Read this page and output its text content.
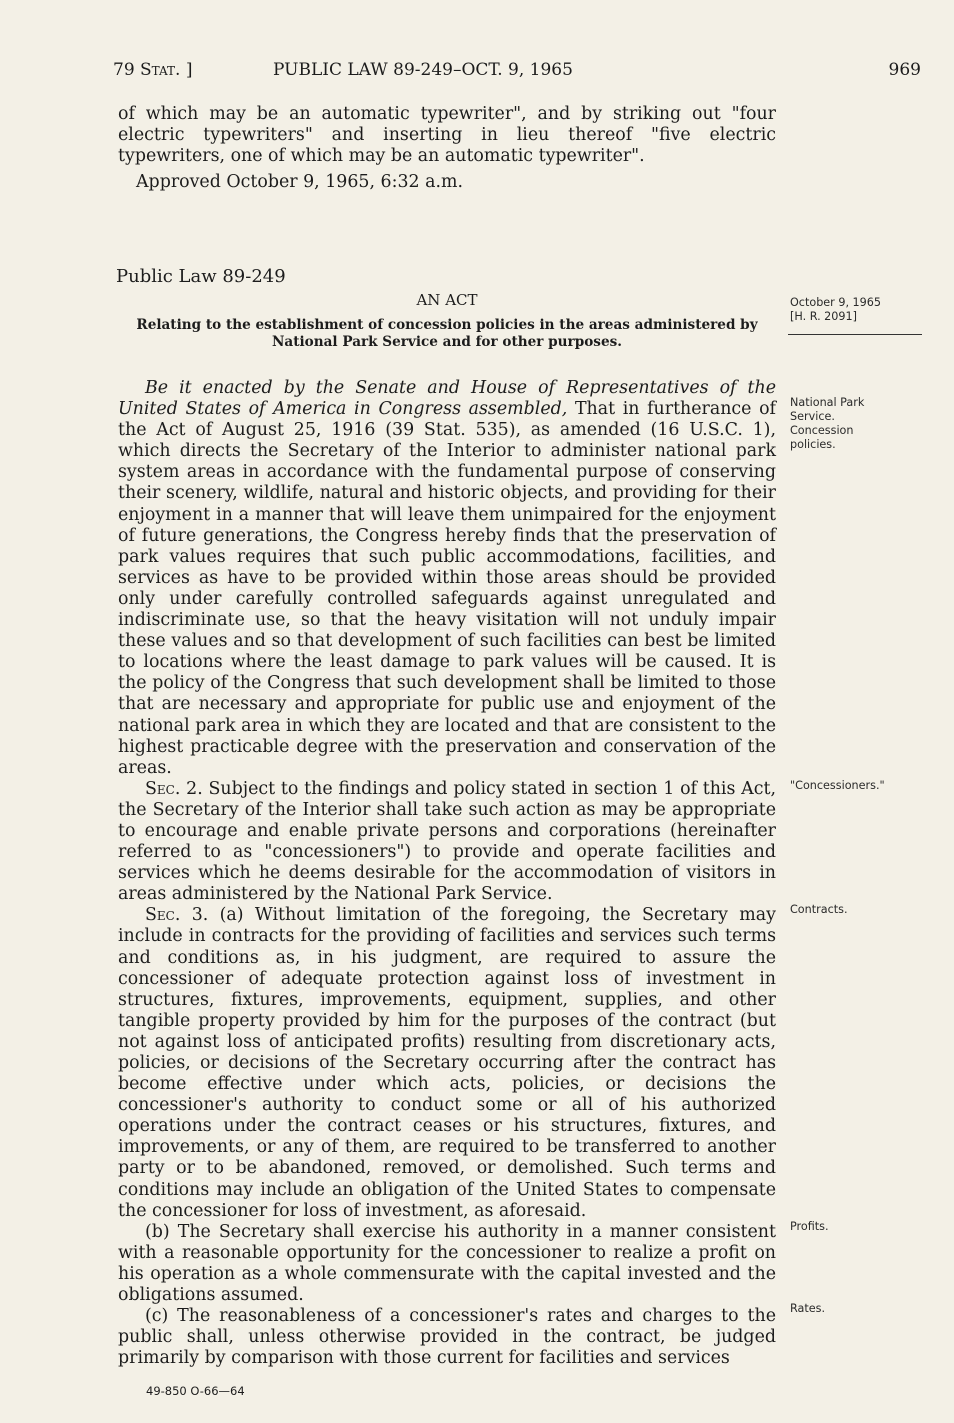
79 Stat. ]	PUBLIC LAW 89-249–OCT. 9, 1965	969

of which may be an automatic typewriter", and by striking out "four electric typewriters" and inserting in lieu thereof "five electric typewriters, one of which may be an automatic typewriter".

Approved October 9, 1965, 6:32 a.m.
Public Law 89-249
AN ACT
Relating to the establishment of concession policies in the areas administered by National Park Service and for other purposes.
October 9, 1965
[H. R. 2091]

Be it enacted by the Senate and House of Representatives of the United States of America in Congress assembled, That in furtherance of the Act of August 25, 1916 (39 Stat. 535), as amended (16 U.S.C. 1), which directs the Secretary of the Interior to administer national park system areas in accordance with the fundamental purpose of conserving their scenery, wildlife, natural and historic objects, and providing for their enjoyment in a manner that will leave them unimpaired for the enjoyment of future generations, the Congress hereby finds that the preservation of park values requires that such public accommodations, facilities, and services as have to be provided within those areas should be provided only under carefully controlled safeguards against unregulated and indiscriminate use, so that the heavy visitation will not unduly impair these values and so that development of such facilities can best be limited to locations where the least damage to park values will be caused. It is the policy of the Congress that such development shall be limited to those that are necessary and appropriate for public use and enjoyment of the national park area in which they are located and that are consistent to the highest practicable degree with the preservation and conservation of the areas.

Sec. 2. Subject to the findings and policy stated in section 1 of this Act, the Secretary of the Interior shall take such action as may be appropriate to encourage and enable private persons and corporations (hereinafter referred to as "concessioners") to provide and operate facilities and services which he deems desirable for the accommodation of visitors in areas administered by the National Park Service.

Sec. 3. (a) Without limitation of the foregoing, the Secretary may include in contracts for the providing of facilities and services such terms and conditions as, in his judgment, are required to assure the concessioner of adequate protection against loss of investment in structures, fixtures, improvements, equipment, supplies, and other tangible property provided by him for the purposes of the contract (but not against loss of anticipated profits) resulting from discretionary acts, policies, or decisions of the Secretary occurring after the contract has become effective under which acts, policies, or decisions the concessioner's authority to conduct some or all of his authorized operations under the contract ceases or his structures, fixtures, and improvements, or any of them, are required to be transferred to another party or to be abandoned, removed, or demolished. Such terms and conditions may include an obligation of the United States to compensate the concessioner for loss of investment, as aforesaid.

(b) The Secretary shall exercise his authority in a manner consistent with a reasonable opportunity for the concessioner to realize a profit on his operation as a whole commensurate with the capital invested and the obligations assumed.

(c) The reasonableness of a concessioner's rates and charges to the public shall, unless otherwise provided in the contract, be judged primarily by comparison with those current for facilities and services

National Park Service. Concession policies.
"Concessioners."
Contracts.
Profits.
Rates.
49-850 O-66—64
